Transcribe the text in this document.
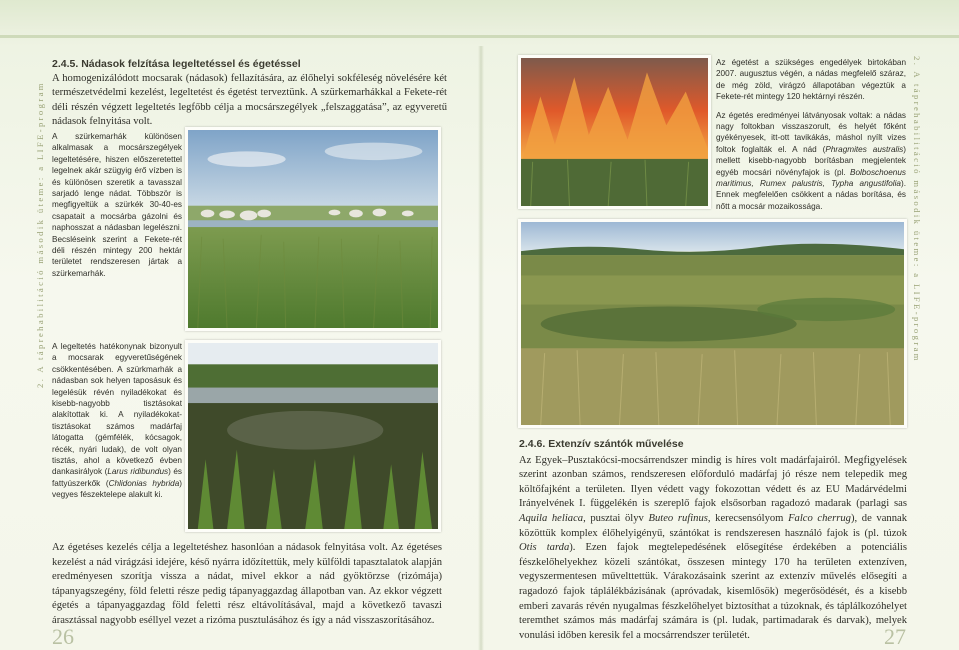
2. A táprehabilitáció második üteme: a LIFE-program	2. A táprehabilitáció második üteme: a LIFE-program
2.4.5. Nádasok felzítása legeltetéssel és égetéssel
A homogenizálódott mocsarak (nádasok) fellazítására, az élőhelyi sokféleség növelésére két természetvédelmi kezelést, legeltetést és égetést terveztünk. A szürkemarhákkal a Fekete-rét déli részén végzett legeltetés legfőbb célja a mocsárszegélyek „felszaggatása”, az egyveretű nádasok felnyitása volt.
A szürkemarhák különösen alkalmasak a mocsárszegélyek legeltetésére, hiszen előszeretettel legelnek akár szügyig érő vízben is és különösen szeretik a tavasszal sarjadó lenge nádat. Többször is megfigyeltük a szürkék 30-40-es csapatait a mocsárba gázolni és naphosszat a nádasban legelészni. Becsléseink szerint a Fekete-rét déli részén mintegy 200 hektár területet rendszeresen jártak a szürkemarhák.
A legeltetés hatékonynak bizonyult a mocsarak egyveretűségének csökkentésében. A szürkmarhák a nádasban sok helyen taposásuk és legelésük révén nyiladékokat és kisebb-nagyobb tisztásokat alakítottak ki. A nyiladékokat-tisztásokat számos madárfaj látogatta (gémfélék, kócsagok, récék, nyári ludak), de volt olyan tisztás, ahol a következő évben dankasirályok (Larus ridibundus) és fattyúszerkők (Chlidonias hybrida) vegyes fészektelepe alakult ki.
Az égetéses kezelés célja a legeltetéshez hasonlóan a nádasok felnyitása volt. Az égetéses kezelést a nád virágzási idejére, késő nyárra időzítettük, mely külföldi tapasztalatok alapján eredményesen szorítja vissza a nádat, mivel ekkor a nád gyöktörzse (rizómája) tápanyagszegény, föld feletti része pedig tápanyaggazdag állapotban van. Az ekkor végzett égetés a tápanyaggazdag föld feletti rész eltávolításával, majd a következő tavaszi árasztással nagyobb eséllyel vezet a rizóma pusztulásához és így a nád visszaszorításához.
26
Az égetést a szükséges engedélyek birtokában 2007. augusztus végén, a nádas megfelelő száraz, de még zöld, virágzó állapotában végeztük a Fekete-rét mintegy 120 hektárnyi részén.
Az égetés eredményei látványosak voltak: a nádas nagy foltokban visszaszorult, és helyét főként gyékényesek, itt-ott tavikákás, máshol nyílt vizes foltok foglalták el. A nád (Phragmites australis) mellett kisebb-nagyobb borításban megjelentek egyéb mocsári növényfajok is (pl. Bolboschoenus maritimus, Rumex palustris, Typha angustifolia). Ennek megfelelően csökkent a nádas borítása, és nőtt a mocsár mozaikossága.
2.4.6. Extenzív szántók művelése
Az Egyek–Pusztakócsi-mocsárrendszer mindig is híres volt madárfajairól. Megfigyelések szerint azonban számos, rendszeresen előforduló madárfaj jó része nem telepedik meg költőfajként a területen. Ilyen védett vagy fokozottan védett és az EU Madárvédelmi Irányelvének I. függelékén is szereplő fajok elsősorban ragadozó madarak (parlagi sas Aquila heliaca, pusztai ölyv Buteo rufinus, kerecsensólyom Falco cherrug), de vannak közöttük komplex élőhelyigényű, szántókat is rendszeresen használó fajok is (pl. túzok Otis tarda). Ezen fajok megtelepedésének elősegítése érdekében a potenciális fészkelőhelyekhez közeli szántókat, összesen mintegy 170 ha területen extenzíven, vegyszermentesen művelttettük. Várakozásaink szerint az extenzív művelés elősegíti a ragadozó fajok táplálékbázisának (apróvadak, kisemlősök) megerősödését, és a kisebb emberi zavarás révén nyugalmas fészkelőhelyet biztosíthat a túzoknak, és táplálkozóhelyet teremthet számos más madárfaj számára is (pl. ludak, partimadarak és darvak), melyek vonulási időben keresik fel a mocsárrendszer területét.	27
